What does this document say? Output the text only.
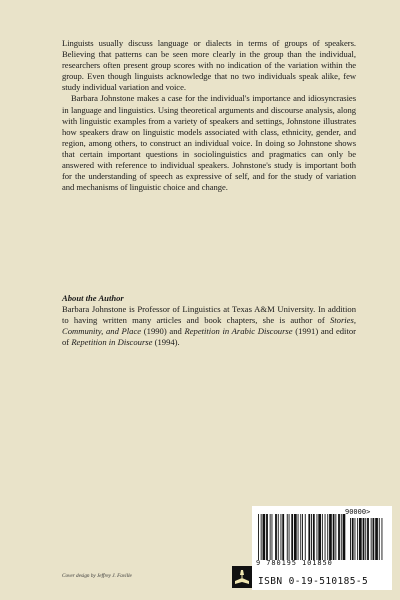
Linguists usually discuss language or dialects in terms of groups of speakers. Believing that patterns can be seen more clearly in the group than the individual, researchers often present group scores with no indication of the variation within the group. Even though linguists acknowledge that no two individuals speak alike, few study individual variation and voice.

Barbara Johnstone makes a case for the individual's importance and idiosyncrasies in language and linguistics. Using theoretical arguments and discourse analysis, along with linguistic examples from a variety of speakers and settings, Johnstone illustrates how speakers draw on linguistic models associated with class, ethnicity, gender, and region, among others, to construct an individual voice. In doing so Johnstone shows that certain important questions in sociolinguistics and pragmatics can only be answered with reference to individual speakers. Johnstone's study is important both for the understanding of speech as expressive of self, and for the study of variation and mechanisms of linguistic choice and change.

About the Author
Barbara Johnstone is Professor of Linguistics at Texas A&M University. In addition to having written many articles and book chapters, she is author of Stories, Community, and Place (1990) and Repetition in Arabic Discourse (1991) and editor of Repetition in Discourse (1994).
Cover design by Jeffrey J. Faville
90000>
9 780195 101850
ISBN 0-19-510185-5
